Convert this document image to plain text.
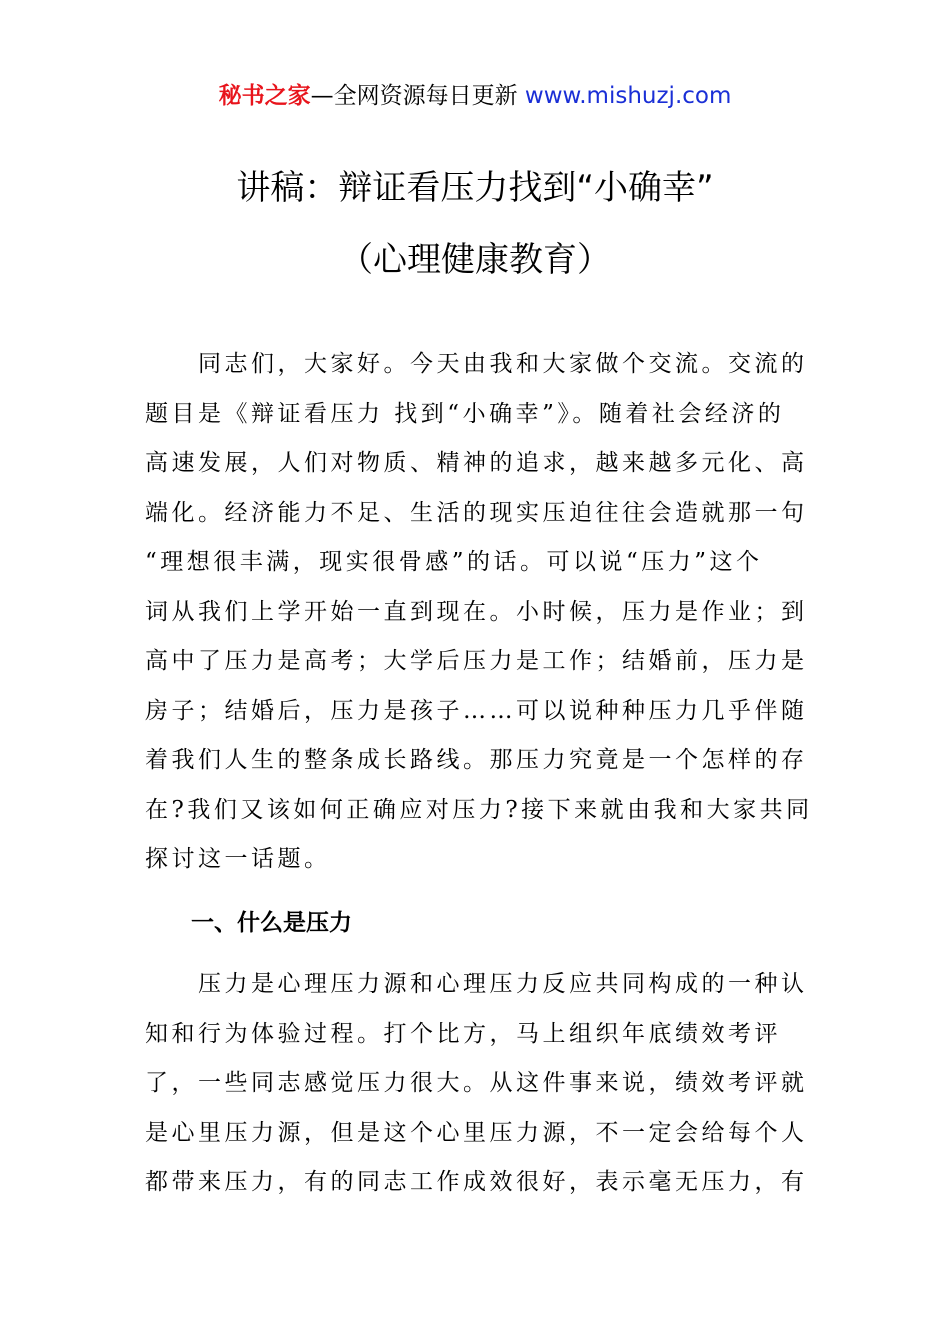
秘书之家—全网资源每日更新 www.mishuzj.com
讲稿：辩证看压力找到“小确幸”
（心理健康教育）
　　同志们，大家好。今天由我和大家做个交流。交流的
题目是《辩证看压力 找到“小确幸”》。随着社会经济的
高速发展，人们对物质、精神的追求，越来越多元化、高
端化。经济能力不足、生活的现实压迫往往会造就那一句
“理想很丰满，现实很骨感”的话。可以说“压力”这个
词从我们上学开始一直到现在。小时候，压力是作业；到
高中了压力是高考；大学后压力是工作；结婚前，压力是
房子；结婚后，压力是孩子……可以说种种压力几乎伴随
着我们人生的整条成长路线。那压力究竟是一个怎样的存
在?我们又该如何正确应对压力?接下来就由我和大家共同
探讨这一话题。
一、什么是压力
　　压力是心理压力源和心理压力反应共同构成的一种认
知和行为体验过程。打个比方，马上组织年底绩效考评
了，一些同志感觉压力很大。从这件事来说，绩效考评就
是心里压力源，但是这个心里压力源，不一定会给每个人
都带来压力，有的同志工作成效很好，表示毫无压力，有
